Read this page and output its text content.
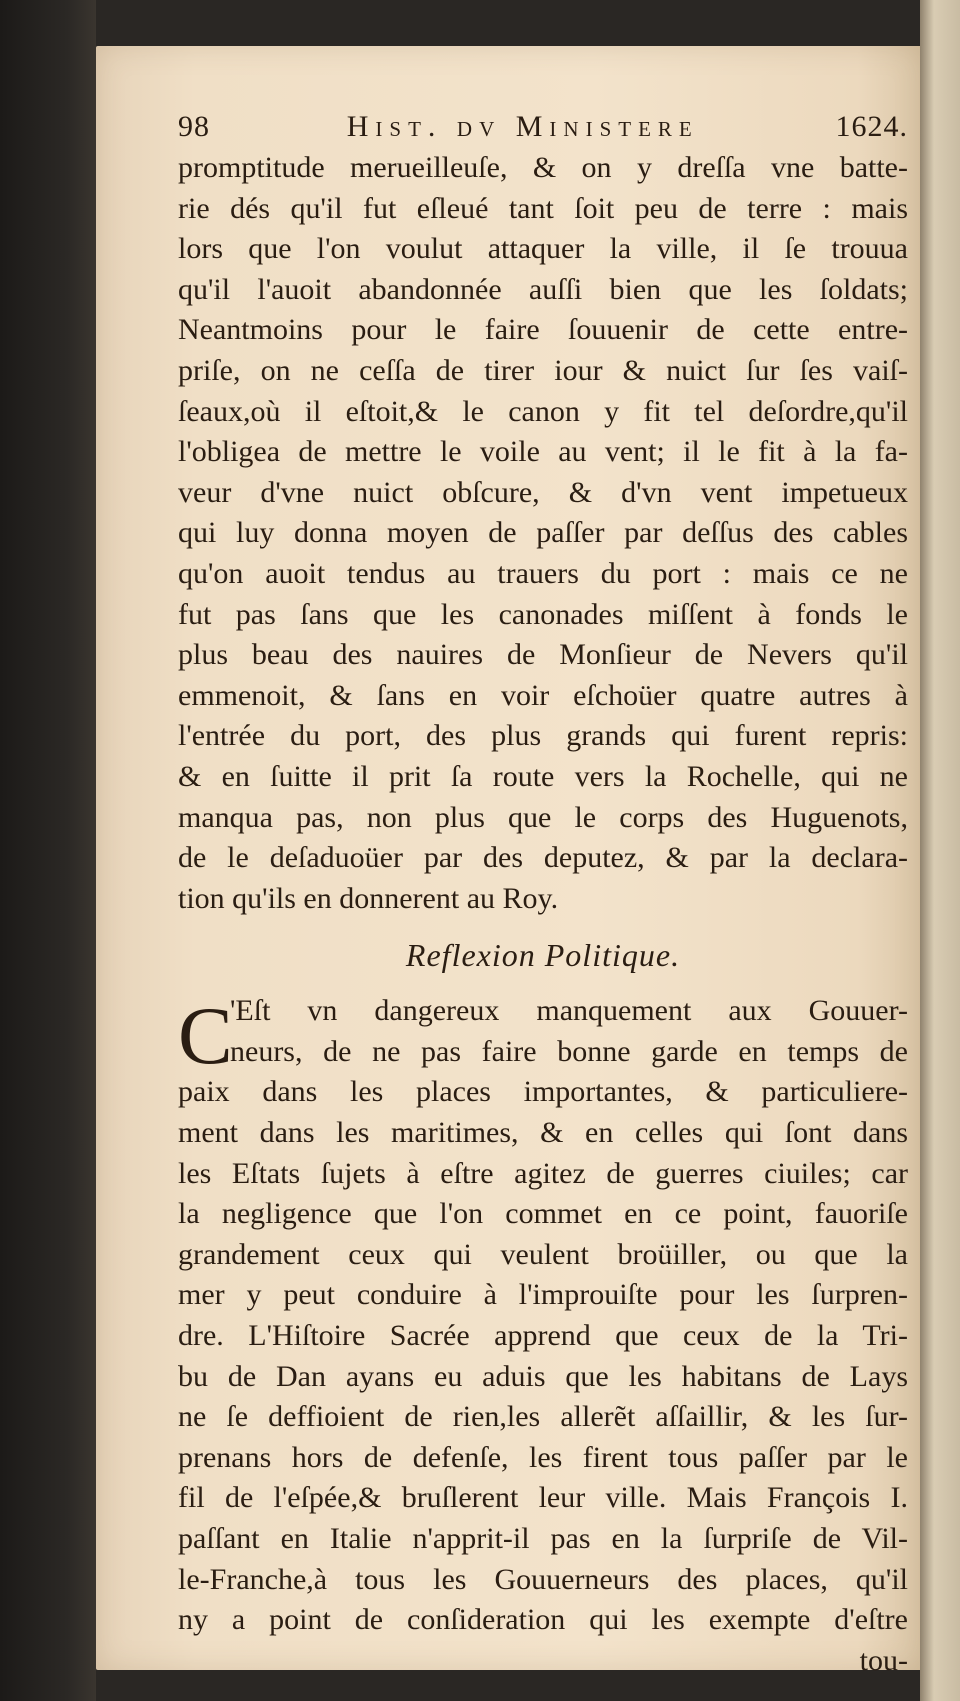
98	Hist. dv Ministere	1624.
promptitude merueilleuſe, & on y dreſſa vne batte-
rie dés qu'il fut eſleué tant ſoit peu de terre : mais
lors que l'on voulut attaquer la ville, il ſe trouua
qu'il l'auoit abandonnée auſſi bien que les ſoldats;
Neantmoins pour le faire ſouuenir de cette entre-
priſe, on ne ceſſa de tirer iour & nuict ſur ſes vaiſ-
ſeaux,où il eſtoit,& le canon y fit tel deſordre,qu'il
l'obligea de mettre le voile au vent; il le fit à la fa-
veur d'vne nuict obſcure, & d'vn vent impetueux
qui luy donna moyen de paſſer par deſſus des cables
qu'on auoit tendus au trauers du port : mais ce ne
fut pas ſans que les canonades miſſent à fonds le
plus beau des nauires de Monſieur de Nevers qu'il
emmenoit, & ſans en voir eſchoüer quatre autres à
l'entrée du port, des plus grands qui furent repris:
& en ſuitte il prit ſa route vers la Rochelle, qui ne
manqua pas, non plus que le corps des Huguenots,
de le deſaduoüer par des deputez, & par la declara-
tion qu'ils en donnerent au Roy.
Reflexion Politique.
C
'Eſt vn dangereux manquement aux Gouuer-
neurs, de ne pas faire bonne garde en temps de
paix dans les places importantes, & particuliere-
ment dans les maritimes, & en celles qui ſont dans
les Eſtats ſujets à eſtre agitez de guerres ciuiles; car
la negligence que l'on commet en ce point, fauoriſe
grandement ceux qui veulent broüiller, ou que la
mer y peut conduire à l'improuiſte pour les ſurpren-
dre. L'Hiſtoire Sacrée apprend que ceux de la Tri-
bu de Dan ayans eu aduis que les habitans de Lays
ne ſe deffioient de rien,les allerẽt aſſaillir, & les ſur-
prenans hors de defenſe, les firent tous paſſer par le
fil de l'eſpée,& bruſlerent leur ville. Mais François I.
paſſant en Italie n'apprit-il pas en la ſurpriſe de Vil-
le-Franche,à tous les Gouuerneurs des places, qu'il
ny a point de conſideration qui les exempte d'eſtre
tou-
